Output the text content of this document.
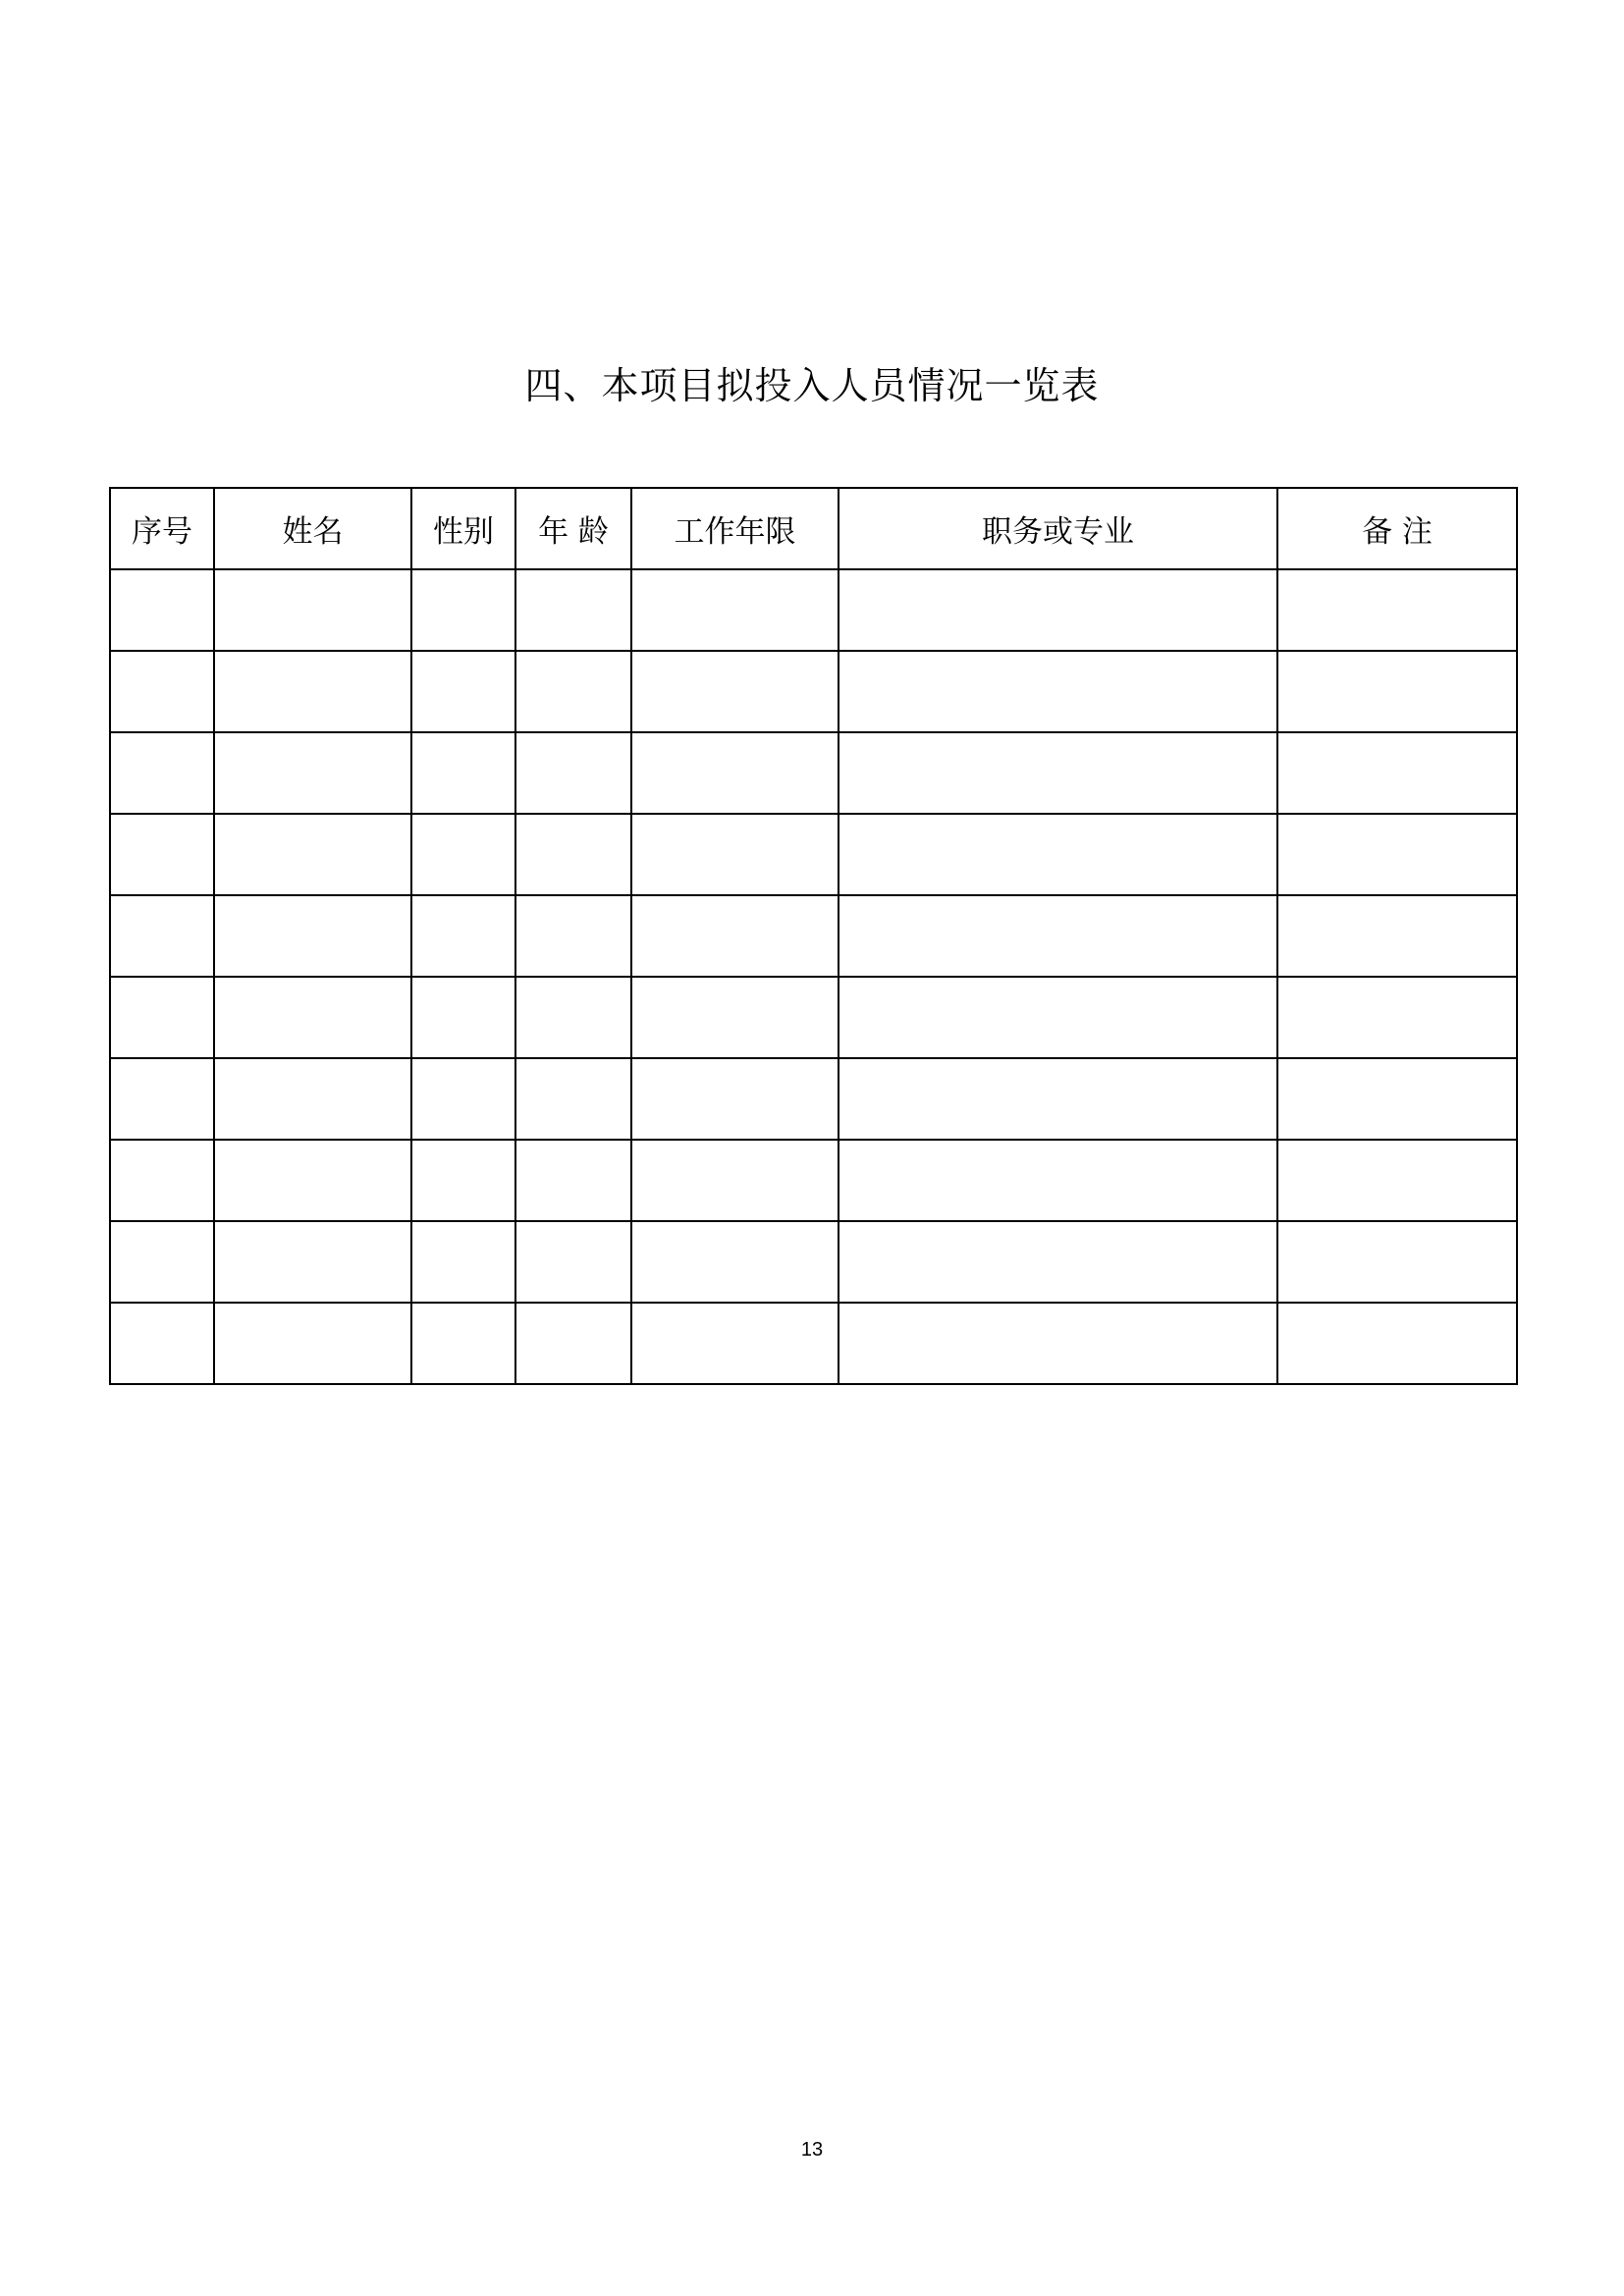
四、本项目拟投入人员情况一览表
序号	姓名	性别	年 龄	工作年限	职务或专业	备 注

13
